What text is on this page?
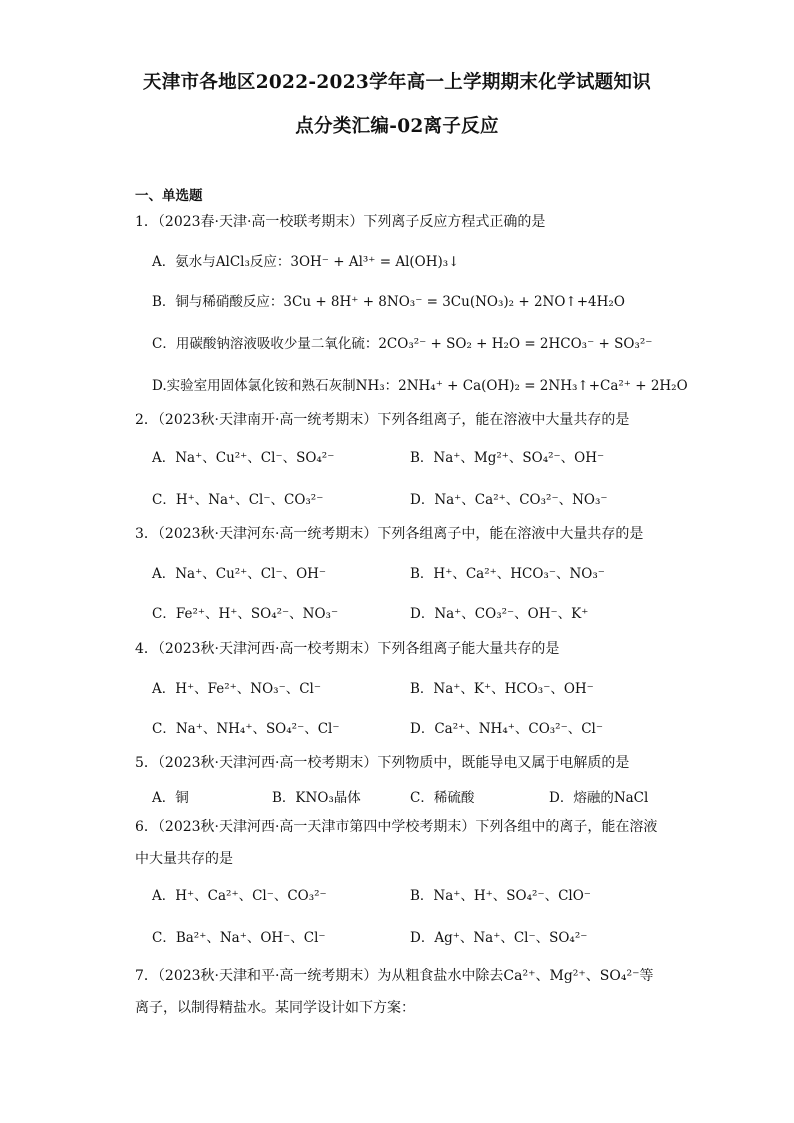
天津市各地区2022-2023学年高一上学期期末化学试题知识
点分类汇编-02离子反应
一、单选题
1．（2023春·天津·高一校联考期末）下列离子反应方程式正确的是
A．氨水与AlCl₃反应：3OH⁻ + Al³⁺ = Al(OH)₃↓
B．铜与稀硝酸反应：3Cu + 8H⁺ + 8NO₃⁻ = 3Cu(NO₃)₂ + 2NO↑+4H₂O
C．用碳酸钠溶液吸收少量二氧化硫：2CO₃²⁻ + SO₂ + H₂O = 2HCO₃⁻ + SO₃²⁻
D.实验室用固体氯化铵和熟石灰制NH₃：2NH₄⁺ + Ca(OH)₂ = 2NH₃↑+Ca²⁺ + 2H₂O
2．（2023秋·天津南开·高一统考期末）下列各组离子，能在溶液中大量共存的是
A．Na⁺、Cu²⁺、Cl⁻、SO₄²⁻	B．Na⁺、Mg²⁺、SO₄²⁻、OH⁻
C．H⁺、Na⁺、Cl⁻、CO₃²⁻	D．Na⁺、Ca²⁺、CO₃²⁻、NO₃⁻
3．（2023秋·天津河东·高一统考期末）下列各组离子中，能在溶液中大量共存的是
A．Na⁺、Cu²⁺、Cl⁻、OH⁻	B．H⁺、Ca²⁺、HCO₃⁻、NO₃⁻
C．Fe²⁺、H⁺、SO₄²⁻、NO₃⁻	D．Na⁺、CO₃²⁻、OH⁻、K⁺
4．（2023秋·天津河西·高一校考期末）下列各组离子能大量共存的是
A．H⁺、Fe²⁺、NO₃⁻、Cl⁻	B．Na⁺、K⁺、HCO₃⁻、OH⁻
C．Na⁺、NH₄⁺、SO₄²⁻、Cl⁻	D．Ca²⁺、NH₄⁺、CO₃²⁻、Cl⁻
5．（2023秋·天津河西·高一校考期末）下列物质中，既能导电又属于电解质的是
A．铜	B．KNO₃晶体	C．稀硫酸	D．熔融的NaCl
6．（2023秋·天津河西·高一天津市第四中学校考期末）下列各组中的离子，能在溶液中大量共存的是
A．H⁺、Ca²⁺、Cl⁻、CO₃²⁻	B．Na⁺、H⁺、SO₄²⁻、ClO⁻
C．Ba²⁺、Na⁺、OH⁻、Cl⁻	D．Ag⁺、Na⁺、Cl⁻、SO₄²⁻
7．（2023秋·天津和平·高一统考期末）为从粗食盐水中除去Ca²⁺、Mg²⁺、SO₄²⁻等离子，以制得精盐水。某同学设计如下方案：
